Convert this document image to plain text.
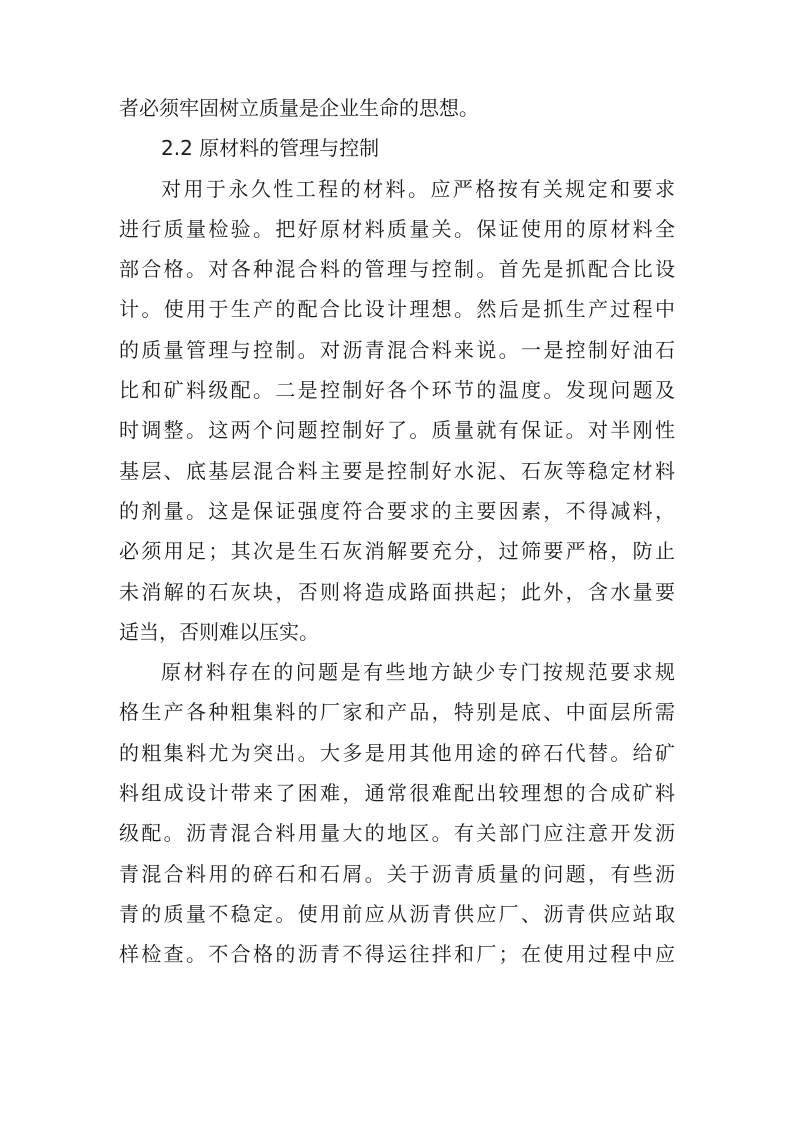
者必须牢固树立质量是企业生命的思想。
2.2 原材料的管理与控制
对用于永久性工程的材料。应严格按有关规定和要求
进行质量检验。把好原材料质量关。保证使用的原材料全
部合格。对各种混合料的管理与控制。首先是抓配合比设
计。使用于生产的配合比设计理想。然后是抓生产过程中
的质量管理与控制。对沥青混合料来说。一是控制好油石
比和矿料级配。二是控制好各个环节的温度。发现问题及
时调整。这两个问题控制好了。质量就有保证。对半刚性
基层、底基层混合料主要是控制好水泥、石灰等稳定材料
的剂量。这是保证强度符合要求的主要因素，不得减料，
必须用足；其次是生石灰消解要充分，过筛要严格，防止
未消解的石灰块，否则将造成路面拱起；此外，含水量要
适当，否则难以压实。
原材料存在的问题是有些地方缺少专门按规范要求规
格生产各种粗集料的厂家和产品，特别是底、中面层所需
的粗集料尤为突出。大多是用其他用途的碎石代替。给矿
料组成设计带来了困难，通常很难配出较理想的合成矿料
级配。沥青混合料用量大的地区。有关部门应注意开发沥
青混合料用的碎石和石屑。关于沥青质量的问题，有些沥
青的质量不稳定。使用前应从沥青供应厂、沥青供应站取
样检查。不合格的沥青不得运往拌和厂；在使用过程中应
